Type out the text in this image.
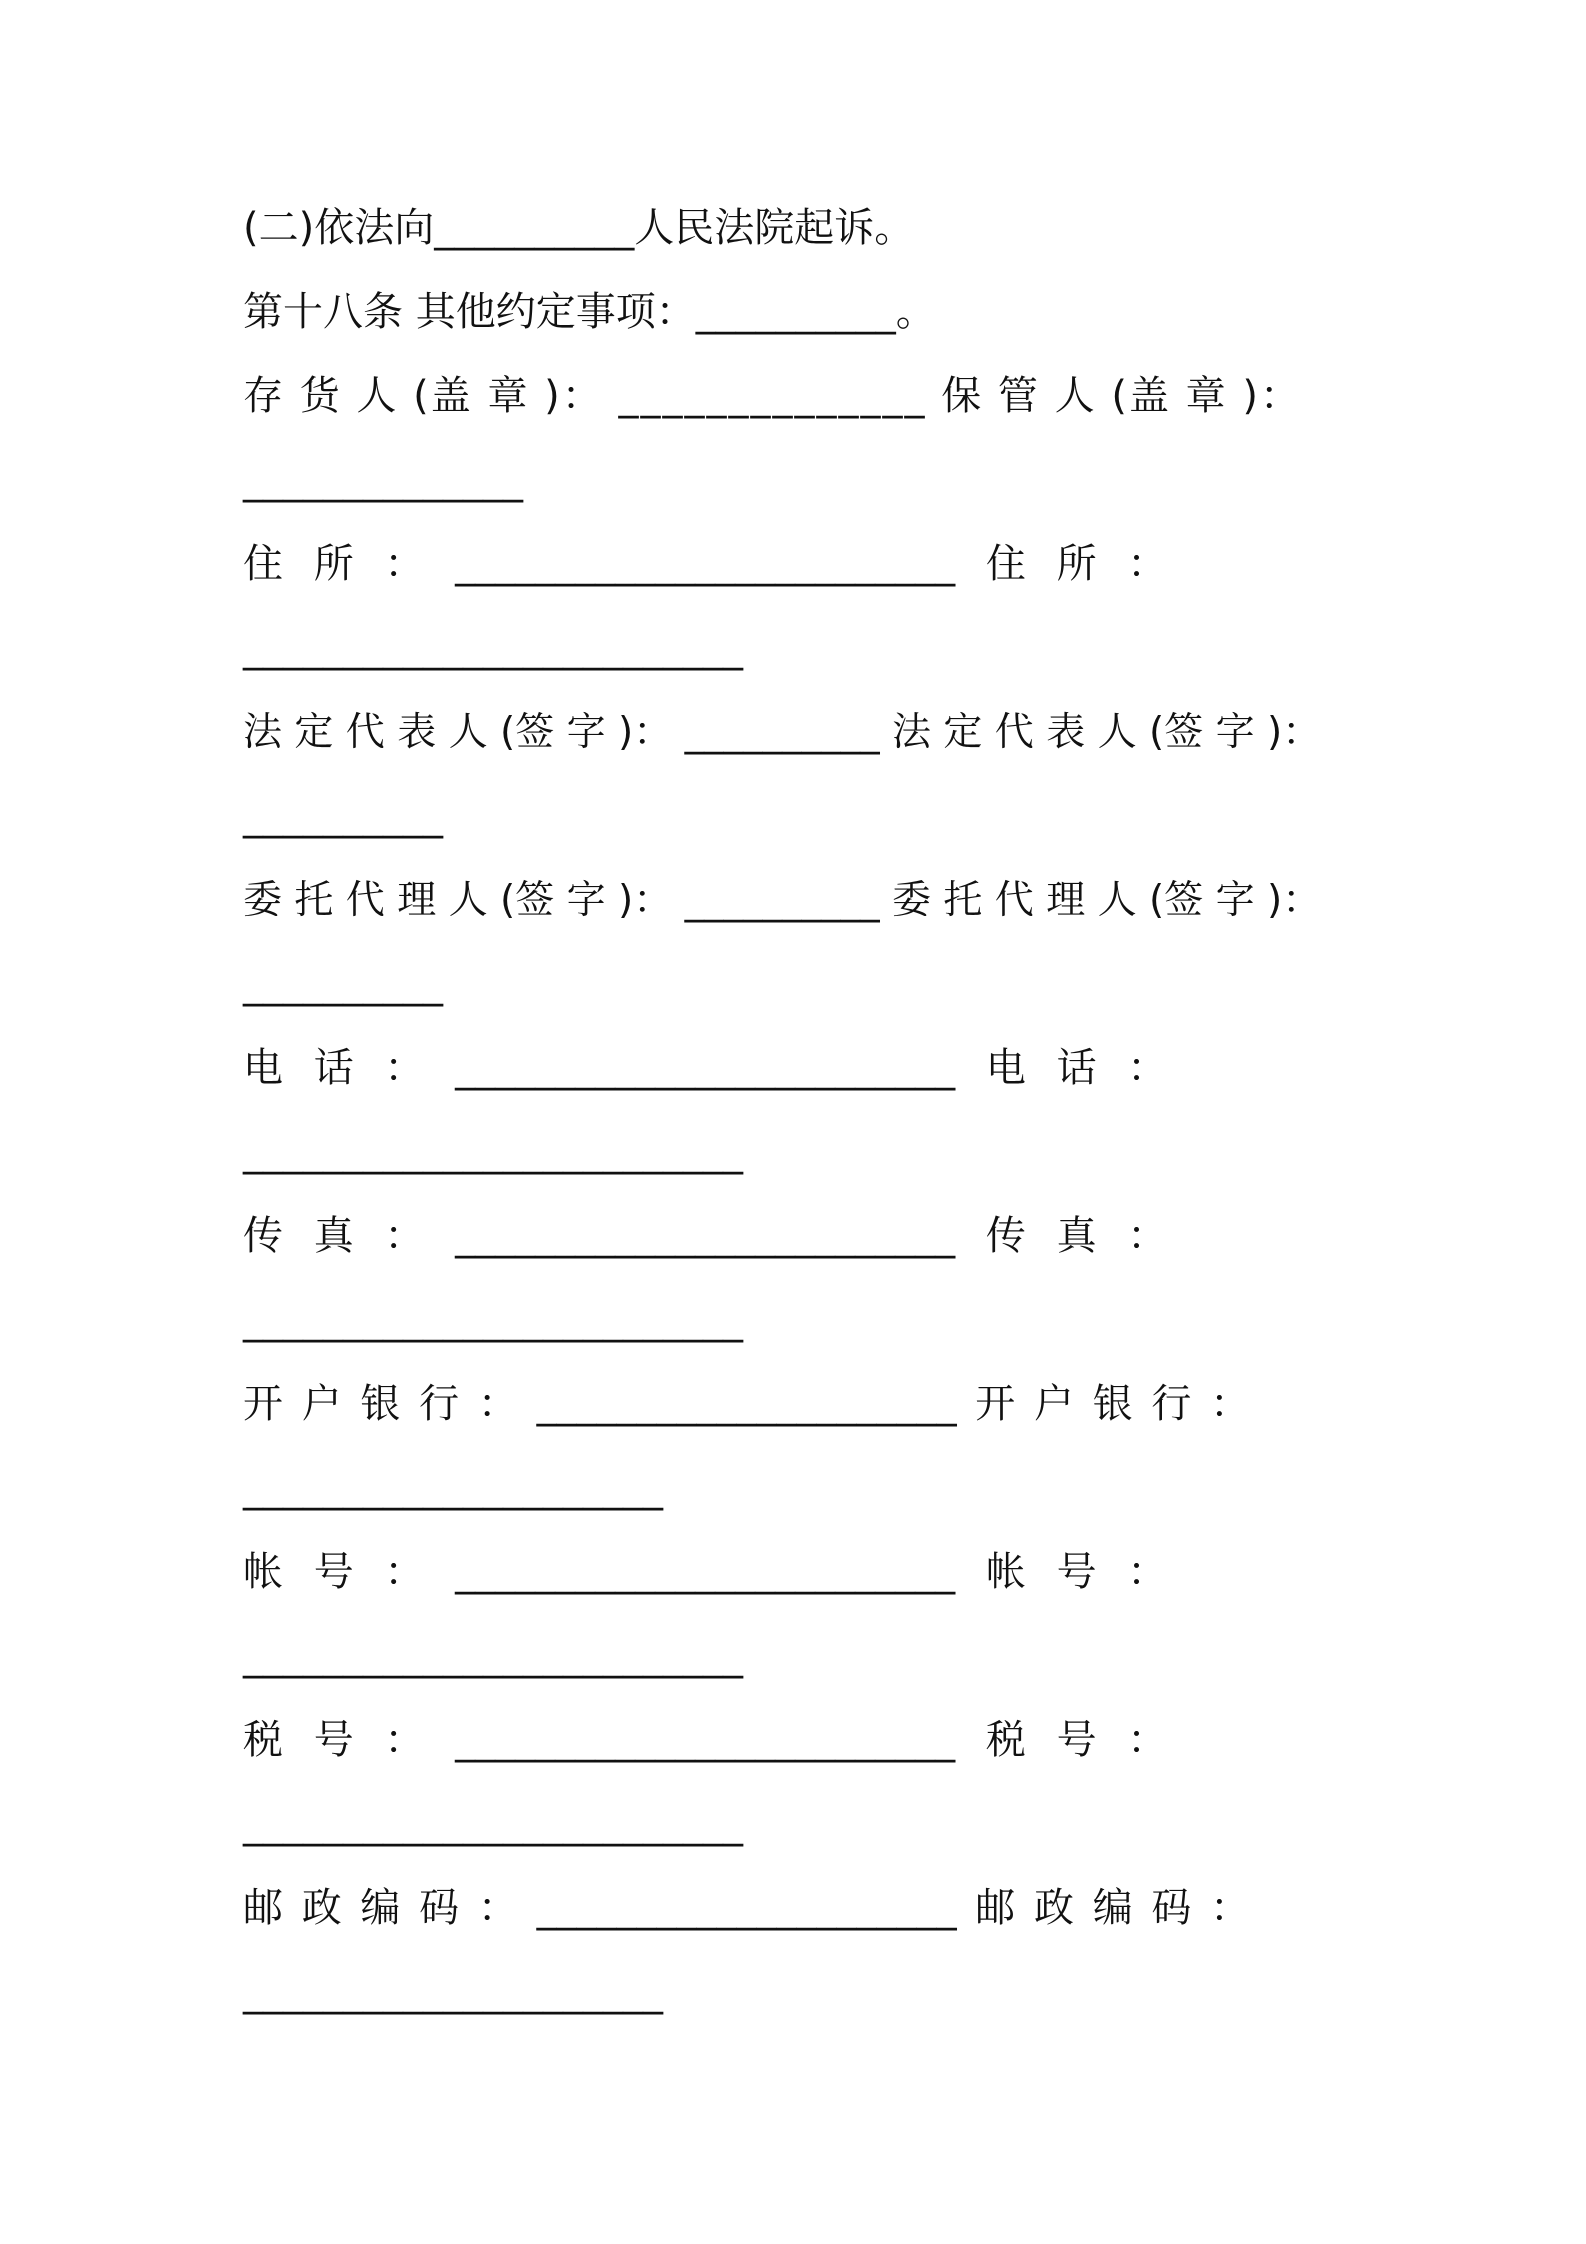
(二)依法向__________人民法院起诉。
第十八条 其他约定事项：__________。
存 货 人 (盖 章 )： ______________ 保 管 人 (盖 章 )：
______________
住 所 ： _________________________ 住 所 ：
_________________________
法 定 代 表 人 (签 字 )： __________ 法 定 代 表 人 (签 字 )：
__________
委 托 代 理 人 (签 字 )： __________ 委 托 代 理 人 (签 字 )：
__________
电 话 ： _________________________ 电 话 ：
_________________________
传 真 ： _________________________ 传 真 ：
_________________________
开 户 银 行 ： _____________________ 开 户 银 行 ：
_____________________
帐 号 ： _________________________ 帐 号 ：
_________________________
税 号 ： _________________________ 税 号 ：
_________________________
邮 政 编 码 ： _____________________ 邮 政 编 码 ：
_____________________
